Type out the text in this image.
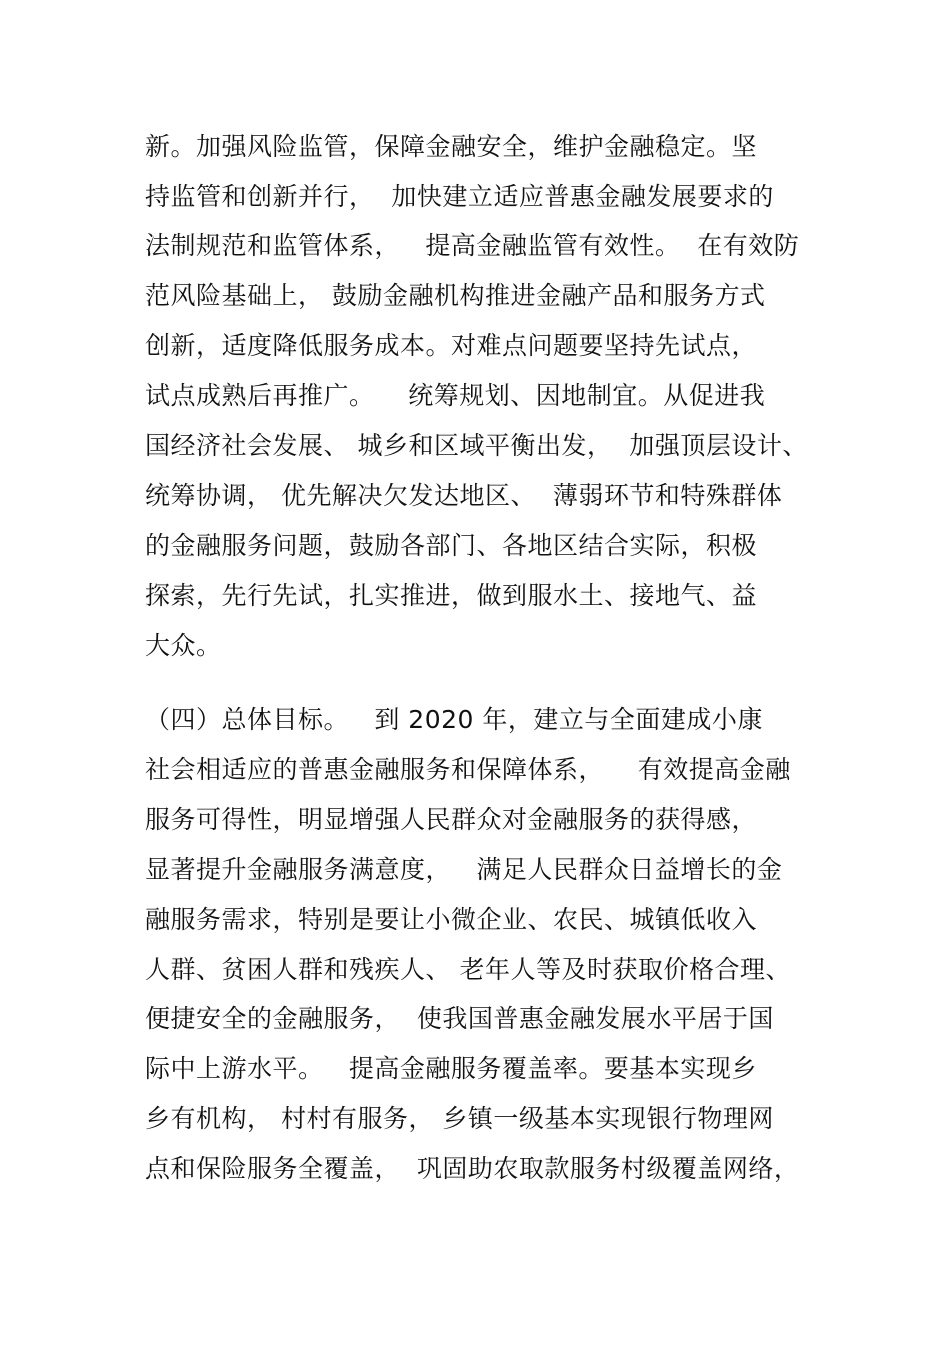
新。加强风险监管，保障金融安全，维护金融稳定。坚
持监管和创新并行，  加快建立适应普惠金融发展要求的
法制规范和监管体系，   提高金融监管有效性。  在有效防
范风险基础上， 鼓励金融机构推进金融产品和服务方式
创新，适度降低服务成本。对难点问题要坚持先试点，
试点成熟后再推广。    统筹规划、因地制宜。从促进我
国经济社会发展、 城乡和区域平衡出发，  加强顶层设计、
统筹协调， 优先解决欠发达地区、  薄弱环节和特殊群体
的金融服务问题，鼓励各部门、各地区结合实际，积极
探索，先行先试，扎实推进，做到服水土、接地气、益
大众。
（四）总体目标。   到 2020 年，建立与全面建成小康
社会相适应的普惠金融服务和保障体系，    有效提高金融
服务可得性，明显增强人民群众对金融服务的获得感，
显著提升金融服务满意度，   满足人民群众日益增长的金
融服务需求，特别是要让小微企业、农民、城镇低收入
人群、贫困人群和残疾人、 老年人等及时获取价格合理、
便捷安全的金融服务，  使我国普惠金融发展水平居于国
际中上游水平。   提高金融服务覆盖率。要基本实现乡
乡有机构， 村村有服务， 乡镇一级基本实现银行物理网
点和保险服务全覆盖，  巩固助农取款服务村级覆盖网络，
